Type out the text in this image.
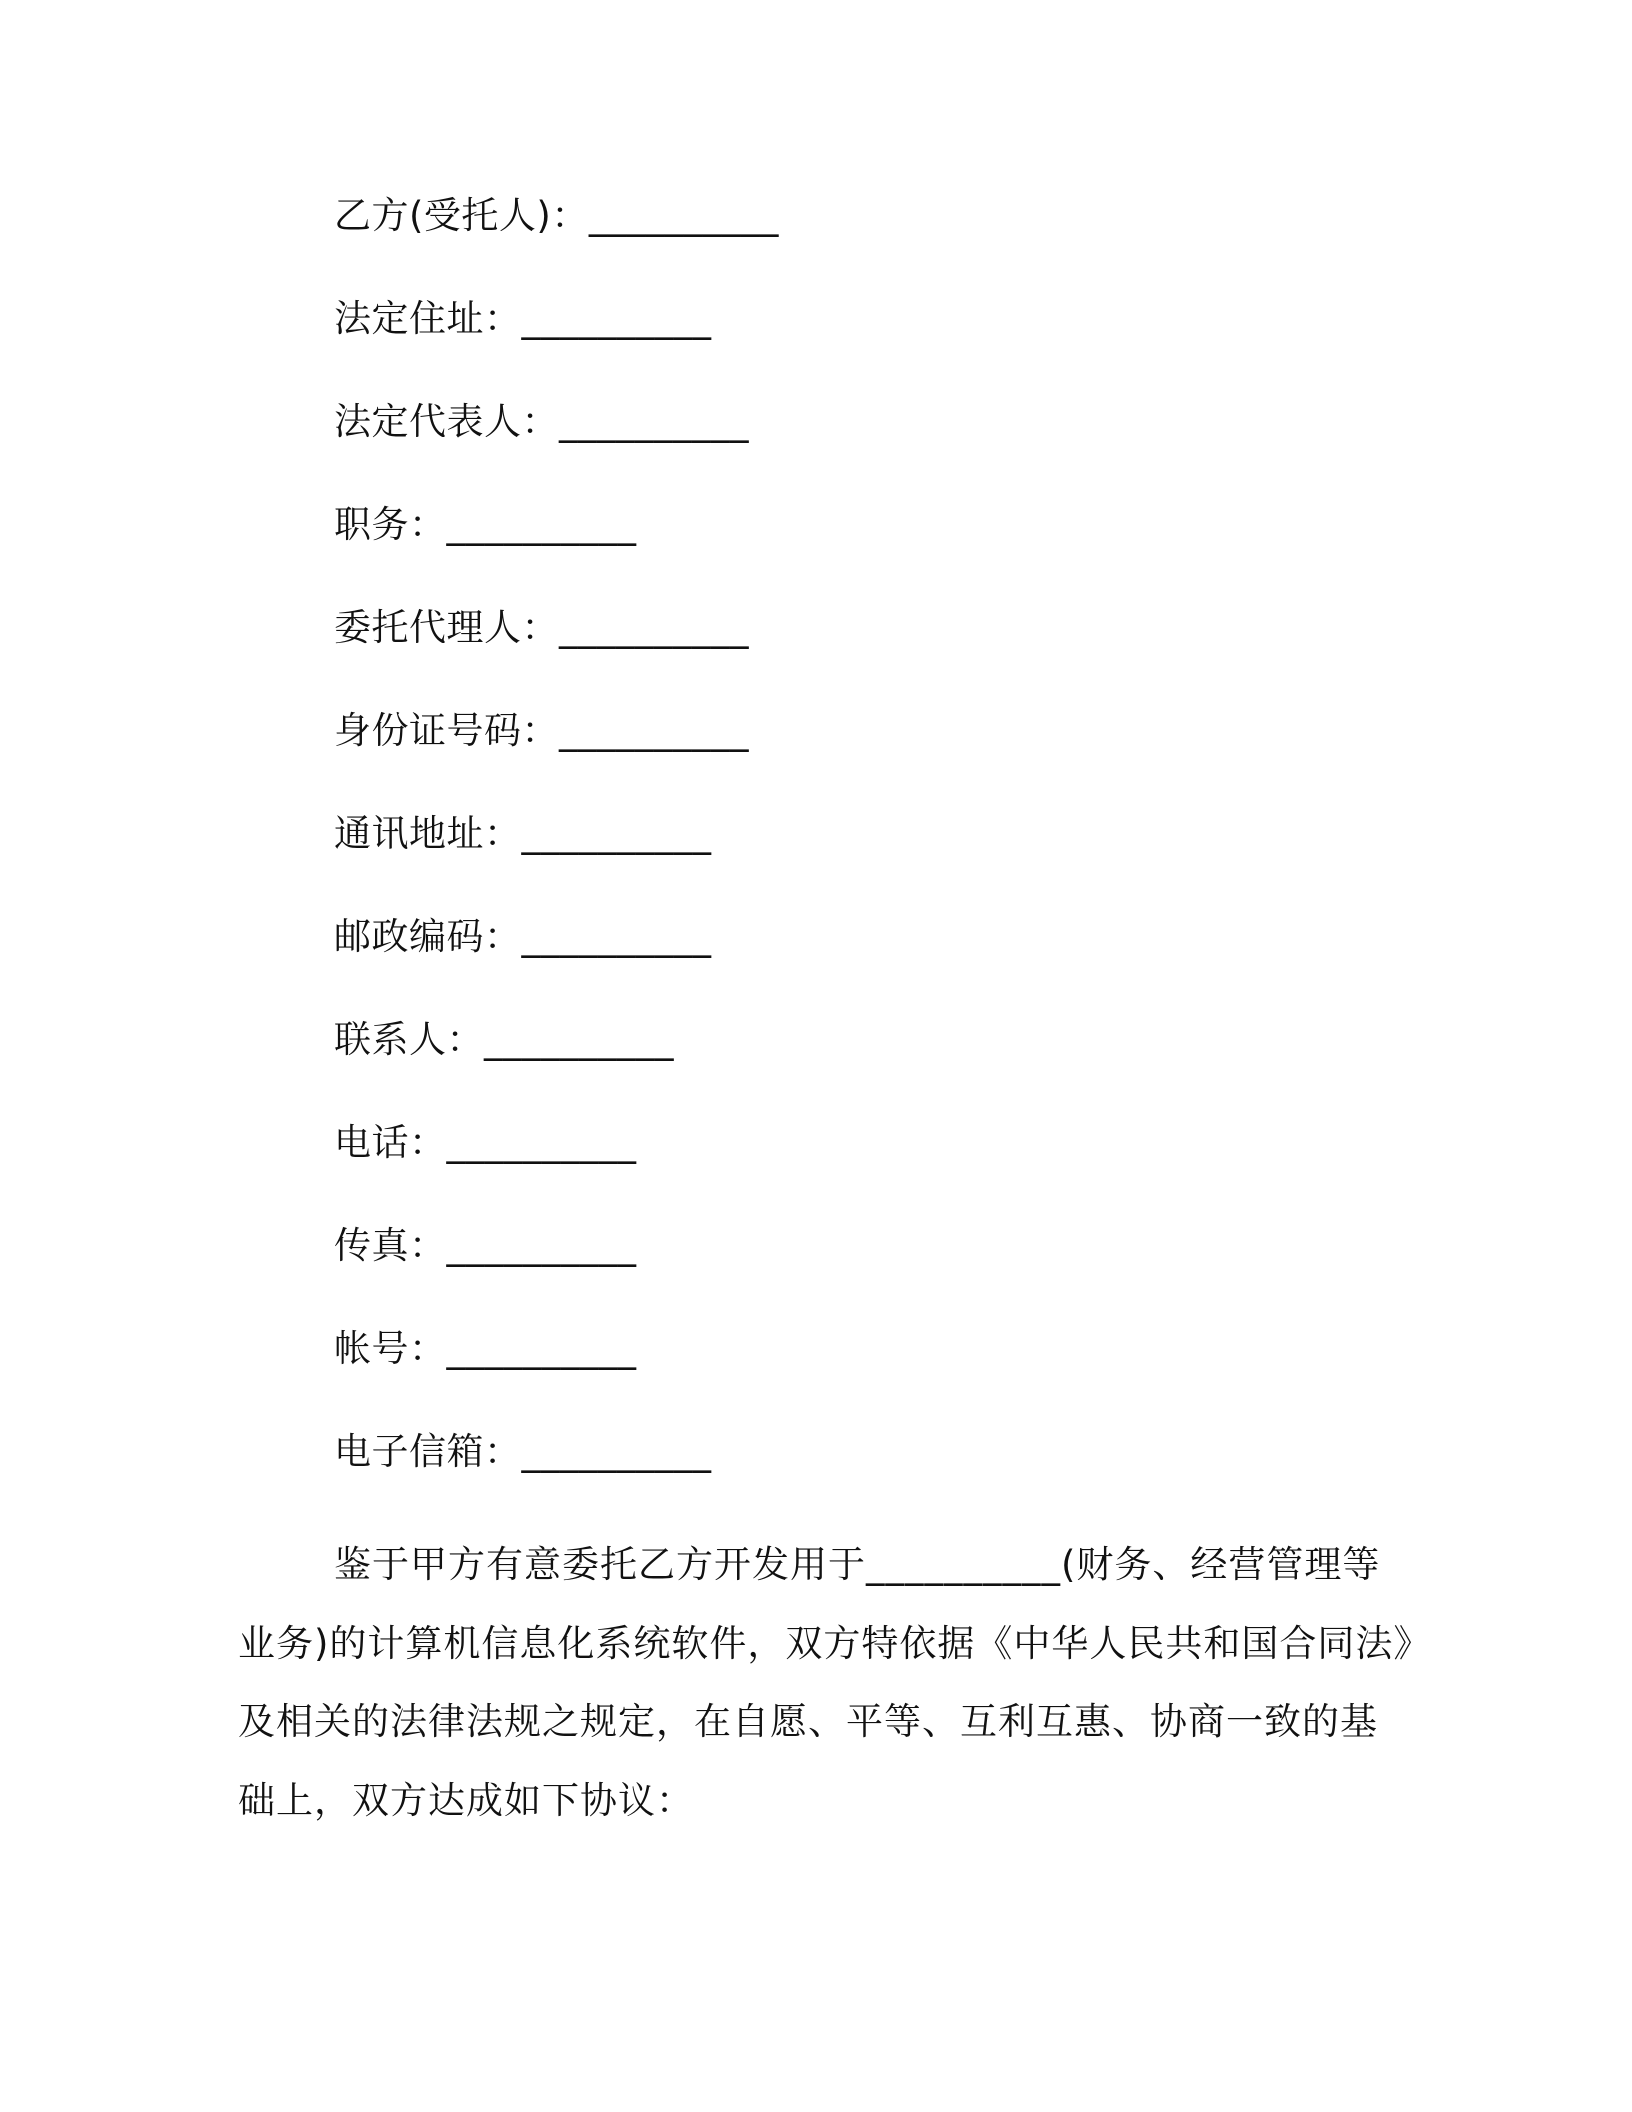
乙方(受托人)：__________
法定住址：__________
法定代表人：__________
职务：__________
委托代理人：__________
身份证号码：__________
通讯地址：__________
邮政编码：__________
联系人：__________
电话：__________
传真：__________
帐号：__________
电子信箱：__________
鉴于甲方有意委托乙方开发用于__________(财务、经营管理等
业务)的计算机信息化系统软件，双方特依据《中华人民共和国合同法》
及相关的法律法规之规定，在自愿、平等、互利互惠、协商一致的基
础上，双方达成如下协议：
